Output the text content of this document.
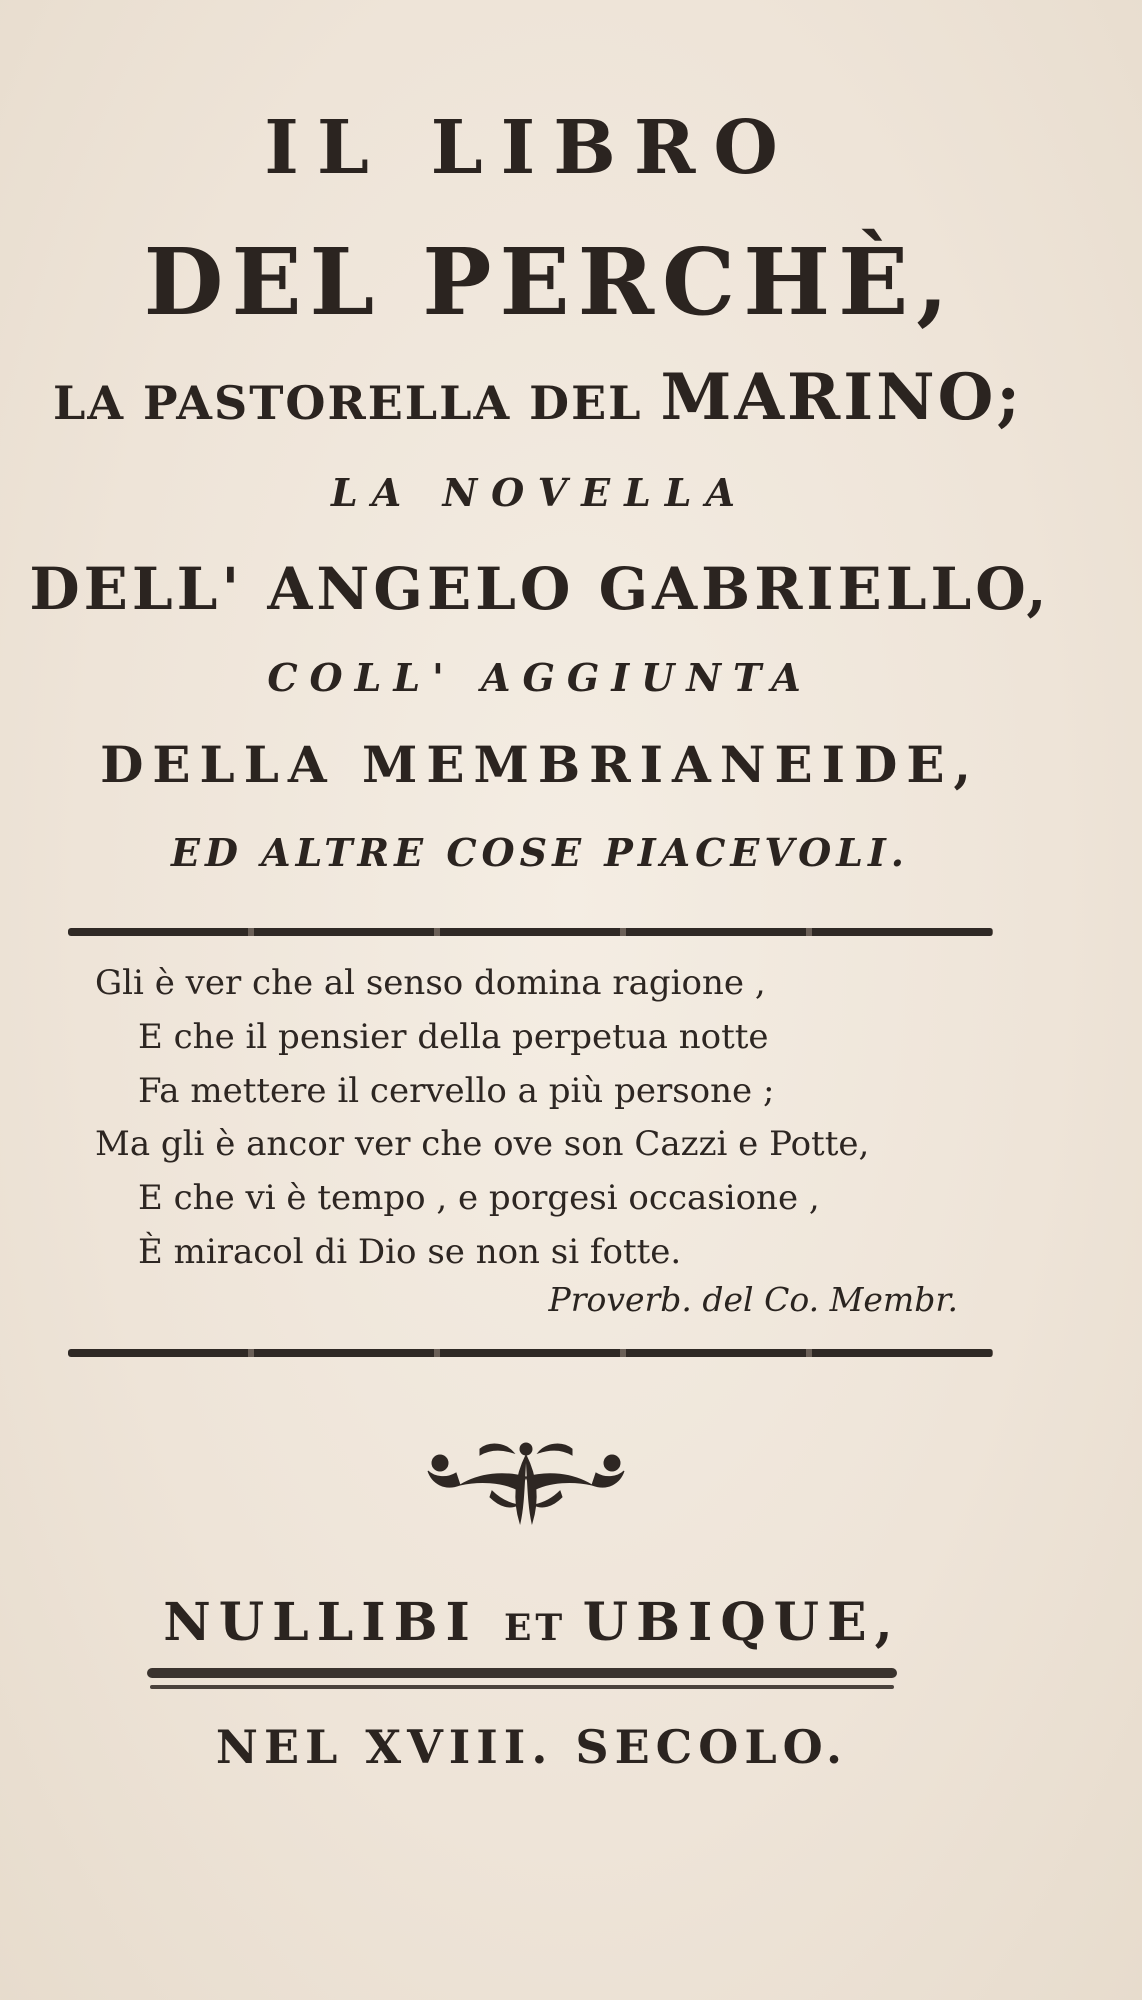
IL LIBRO
DEL PERCHÈ,
LA PASTORELLA DEL MARINO;
LA NOVELLA
DELL' ANGELO GABRIELLO,
COLL' AGGIUNTA
DELLA MEMBRIANEIDE,
ED ALTRE COSE PIACEVOLI.
Gli è ver che al senso domina ragione ,
E che il pensier della perpetua notte
Fa mettere il cervello a più persone ;
Ma gli è ancor ver che ove son Cazzi e Potte,
E che vi è tempo , e porgesi occasione ,
È miracol di Dio se non si fotte.
Proverb. del Co. Membr.
NULLIBI ET UBIQUE,
NEL XVIII. SECOLO.
